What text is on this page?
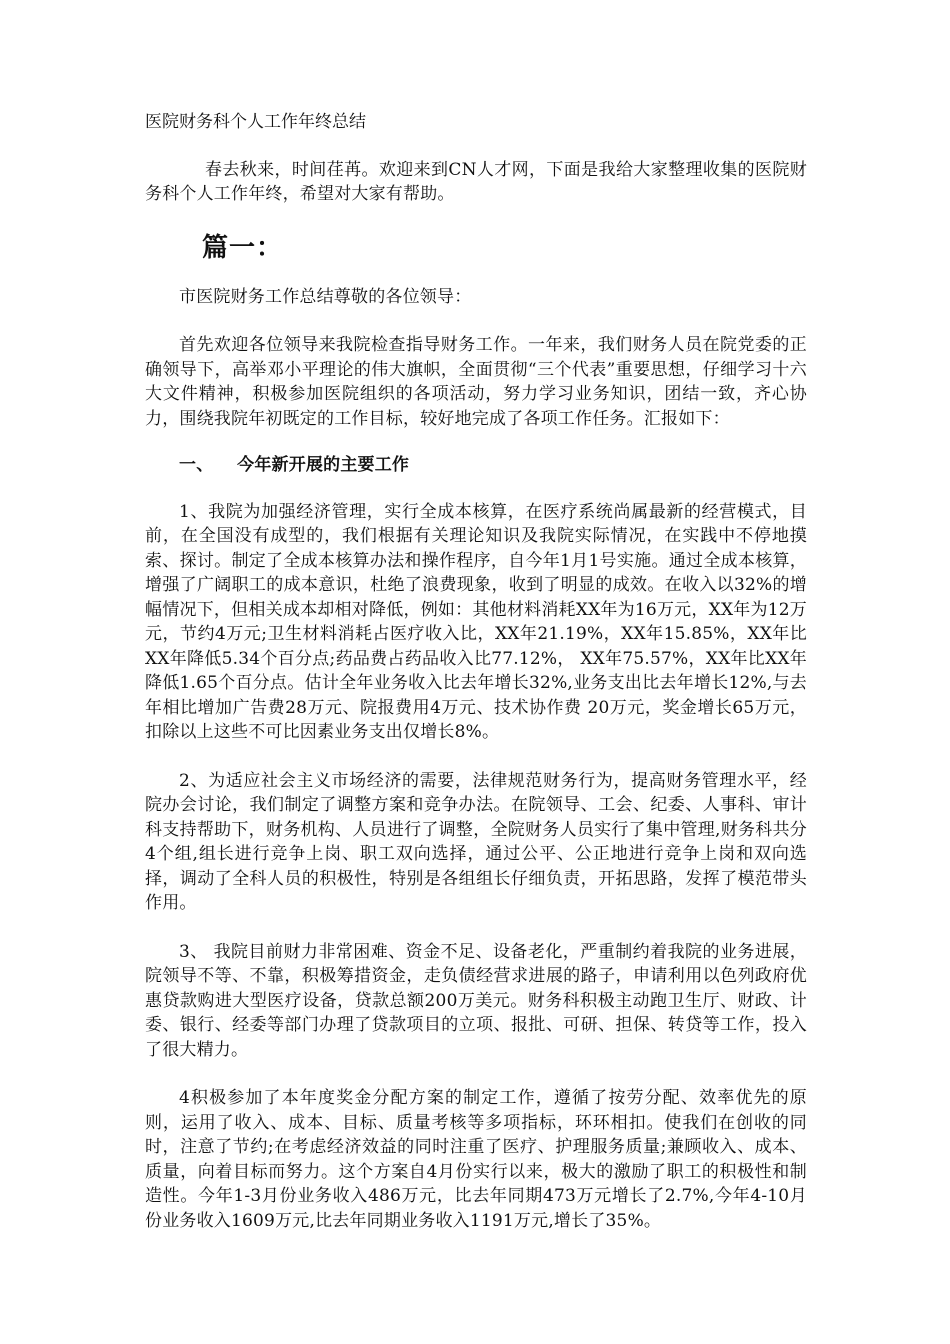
医院财务科个人工作年终总结

春去秋来，时间荏苒。欢迎来到CN人才网，下面是我给大家整理收集的医院财务科个人工作年终，希望对大家有帮助。

篇一：

市医院财务工作总结尊敬的各位领导：

首先欢迎各位领导来我院检查指导财务工作。一年来，我们财务人员在院党委的正确领导下，高举邓小平理论的伟大旗帜，全面贯彻“三个代表”重要思想，仔细学习十六大文件精神，积极参加医院组织的各项活动，努力学习业务知识，团结一致，齐心协力，围绕我院年初既定的工作目标，较好地完成了各项工作任务。汇报如下：

一、 今年新开展的主要工作

1、我院为加强经济管理，实行全成本核算，在医疗系统尚属最新的经营模式，目前，在全国没有成型的，我们根据有关理论知识及我院实际情况，在实践中不停地摸索、探讨。制定了全成本核算办法和操作程序，自今年1月1号实施。通过全成本核算，增强了广阔职工的成本意识，杜绝了浪费现象，收到了明显的成效。在收入以32%的增幅情况下，但相关成本却相对降低，例如：其他材料消耗XX年为16万元，XX年为12万元，节约4万元;卫生材料消耗占医疗收入比，XX年21.19%，XX年15.85%，XX年比XX年降低5.34个百分点;药品费占药品收入比77.12%， XX年75.57%，XX年比XX年降低1.65个百分点。估计全年业务收入比去年增长32%,业务支出比去年增长12%,与去年相比增加广告费28万元、院报费用4万元、技术协作费 20万元，奖金增长65万元，扣除以上这些不可比因素业务支出仅增长8%。

2、为适应社会主义市场经济的需要，法律规范财务行为，提高财务管理水平，经院办会讨论，我们制定了调整方案和竞争办法。在院领导、工会、纪委、人事科、审计科支持帮助下，财务机构、人员进行了调整，全院财务人员实行了集中管理,财务科共分4个组,组长进行竞争上岗、职工双向选择，通过公平、公正地进行竞争上岗和双向选择，调动了全科人员的积极性，特别是各组组长仔细负责，开拓思路，发挥了模范带头作用。

3、 我院目前财力非常困难、资金不足、设备老化，严重制约着我院的业务进展，院领导不等、不靠，积极筹措资金，走负债经营求进展的路子，申请利用以色列政府优惠贷款购进大型医疗设备，贷款总额200万美元。财务科积极主动跑卫生厅、财政、计委、银行、经委等部门办理了贷款项目的立项、报批、可研、担保、转贷等工作，投入了很大精力。

4积极参加了本年度奖金分配方案的制定工作，遵循了按劳分配、效率优先的原则，运用了收入、成本、目标、质量考核等多项指标，环环相扣。使我们在创收的同时，注意了节约;在考虑经济效益的同时注重了医疗、护理服务质量;兼顾收入、成本、质量，向着目标而努力。这个方案自4月份实行以来，极大的激励了职工的积极性和制造性。今年1-3月份业务收入486万元，比去年同期473万元增长了2.7%,今年4-10月份业务收入1609万元,比去年同期业务收入1191万元,增长了35%。
